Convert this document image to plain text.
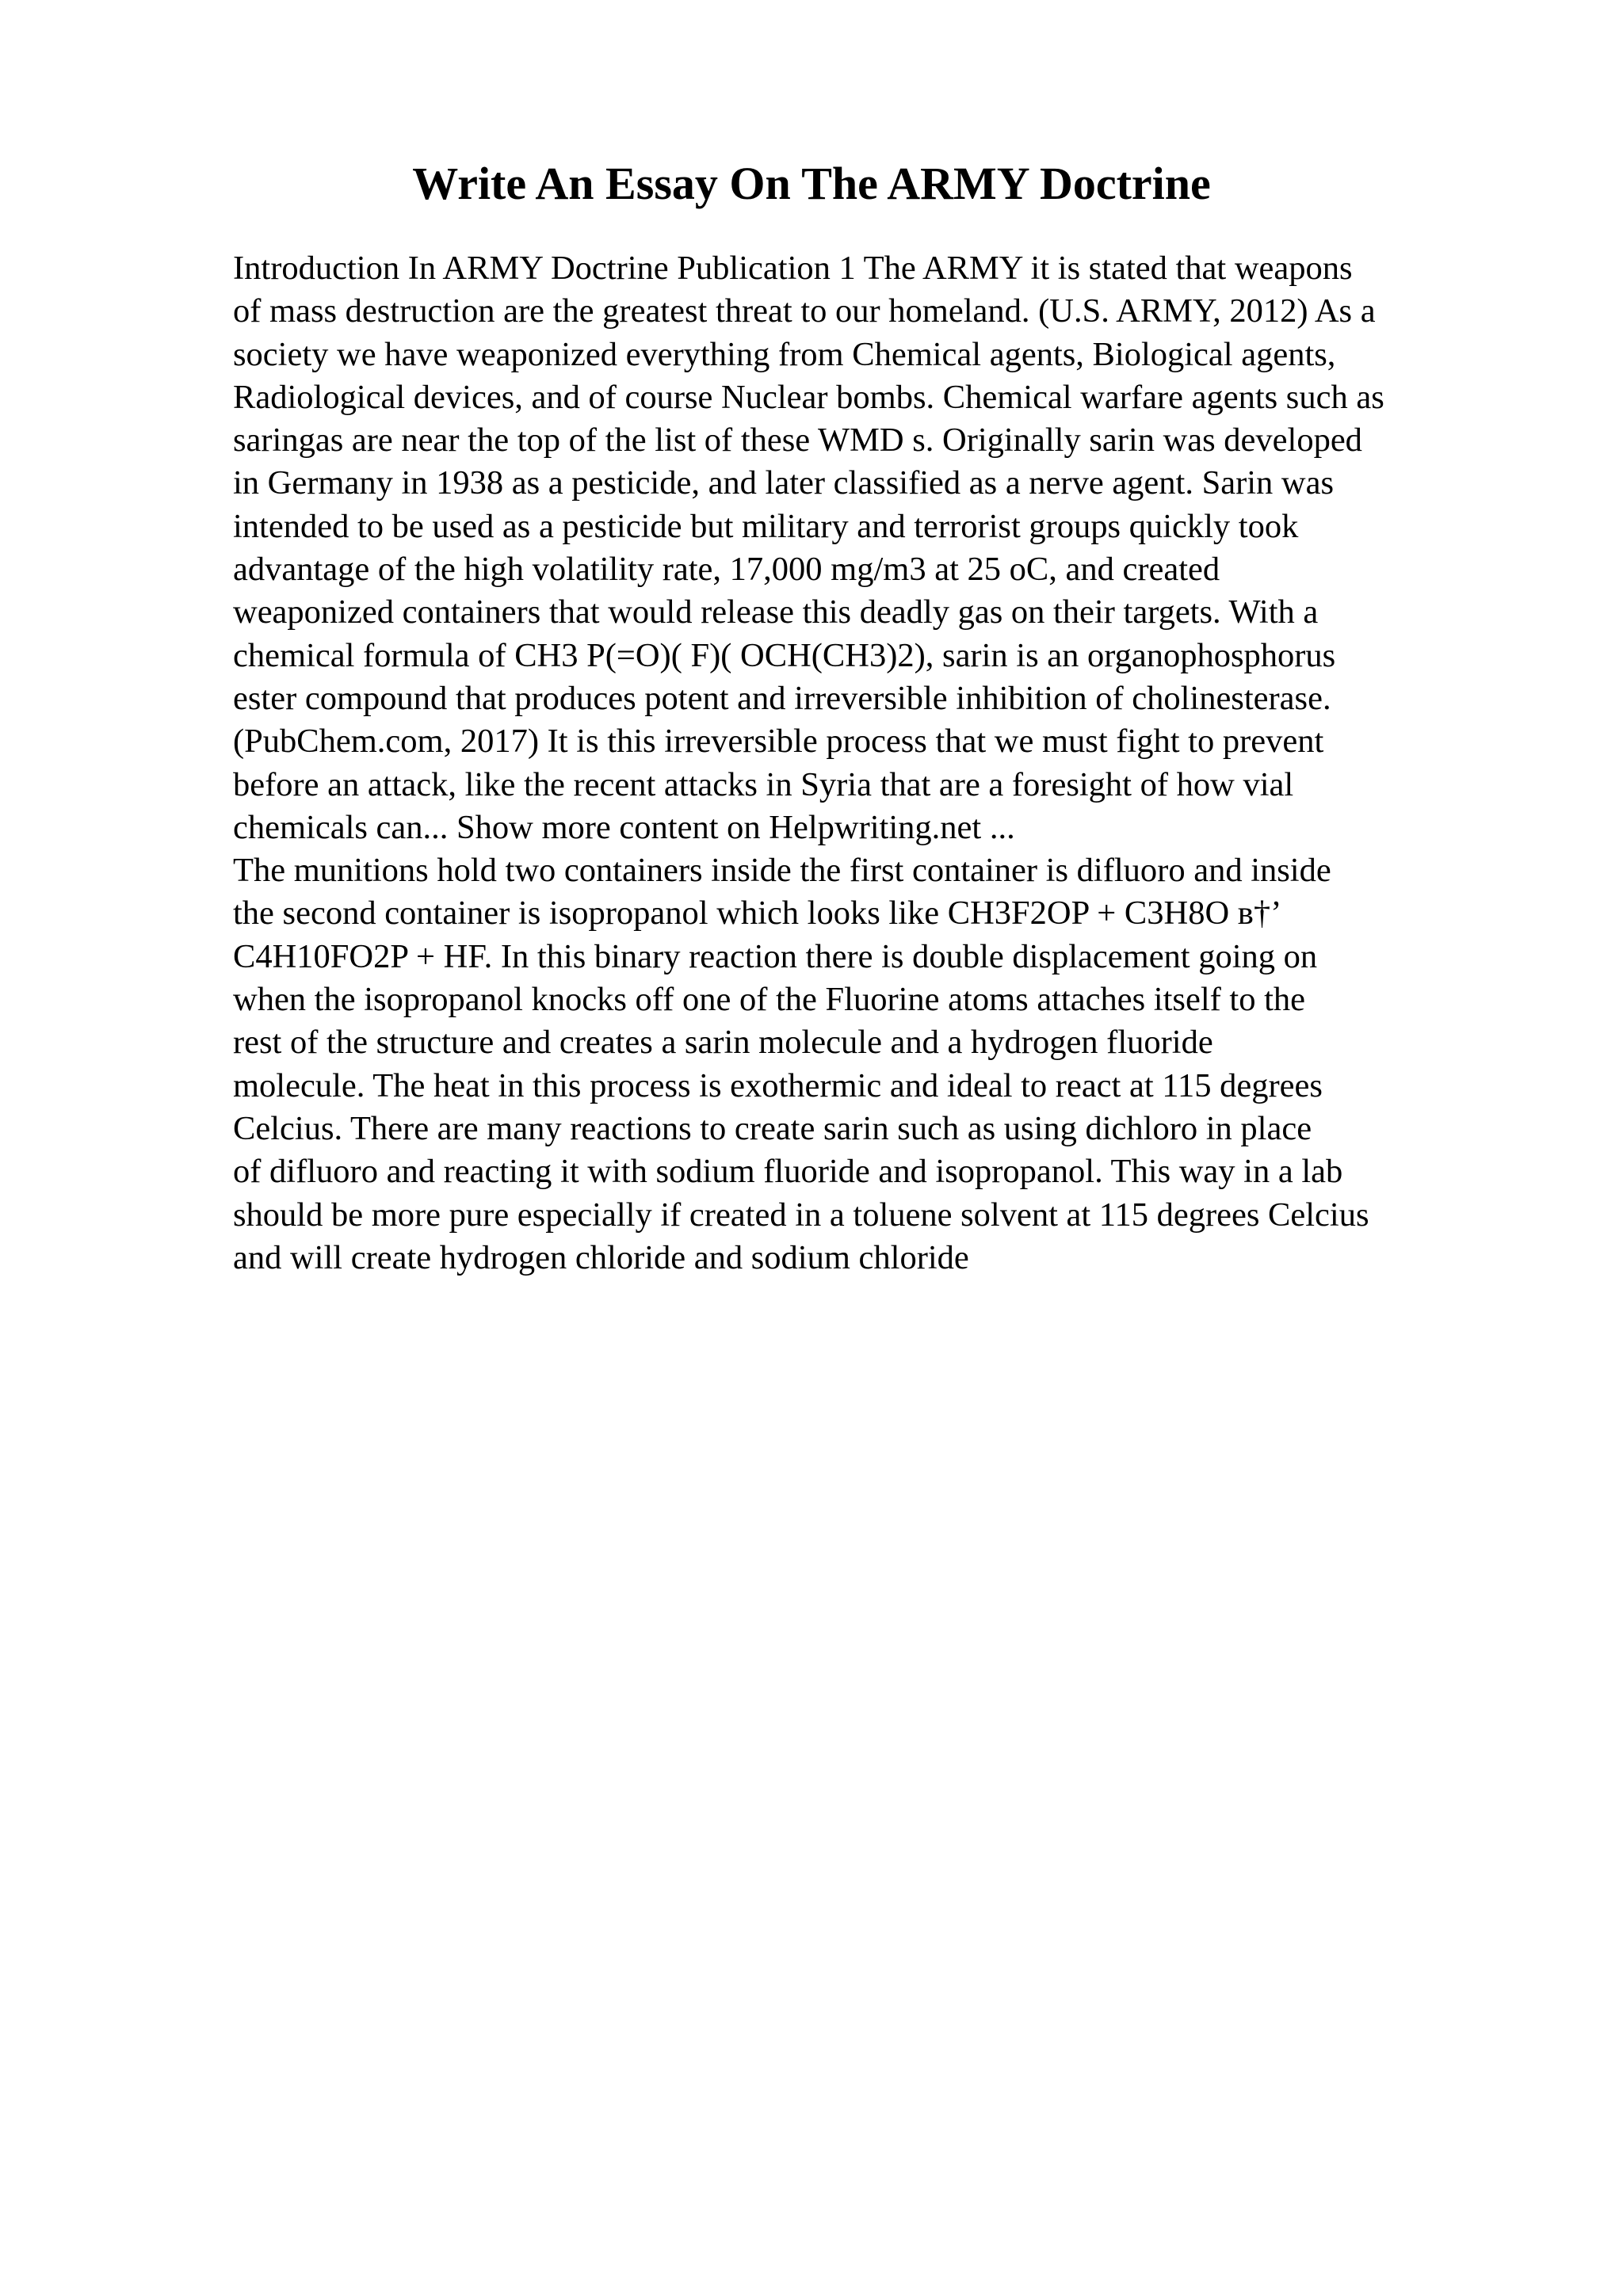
Write An Essay On The ARMY Doctrine
Introduction In ARMY Doctrine Publication 1 The ARMY it is stated that weapons
of mass destruction are the greatest threat to our homeland. (U.S. ARMY, 2012) As a
society we have weaponized everything from Chemical agents, Biological agents,
Radiological devices, and of course Nuclear bombs. Chemical warfare agents such as
saringas are near the top of the list of these WMD s. Originally sarin was developed
in Germany in 1938 as a pesticide, and later classified as a nerve agent. Sarin was
intended to be used as a pesticide but military and terrorist groups quickly took
advantage of the high volatility rate, 17,000 mg/m3 at 25 oC, and created
weaponized containers that would release this deadly gas on their targets. With a
chemical formula of CH3 P(=O)( F)( OCH(CH3)2), sarin is an organophosphorus
ester compound that produces potent and irreversible inhibition of cholinesterase.
(PubChem.com, 2017) It is this irreversible process that we must fight to prevent
before an attack, like the recent attacks in Syria that are a foresight of how vial
chemicals can... Show more content on Helpwriting.net ...
The munitions hold two containers inside the first container is difluoro and inside
the second container is isopropanol which looks like CH3F2OP + C3H8O в†’
C4H10FO2P + HF. In this binary reaction there is double displacement going on
when the isopropanol knocks off one of the Fluorine atoms attaches itself to the
rest of the structure and creates a sarin molecule and a hydrogen fluoride
molecule. The heat in this process is exothermic and ideal to react at 115 degrees
Celcius. There are many reactions to create sarin such as using dichloro in place
of difluoro and reacting it with sodium fluoride and isopropanol. This way in a lab
should be more pure especially if created in a toluene solvent at 115 degrees Celcius
and will create hydrogen chloride and sodium chloride
